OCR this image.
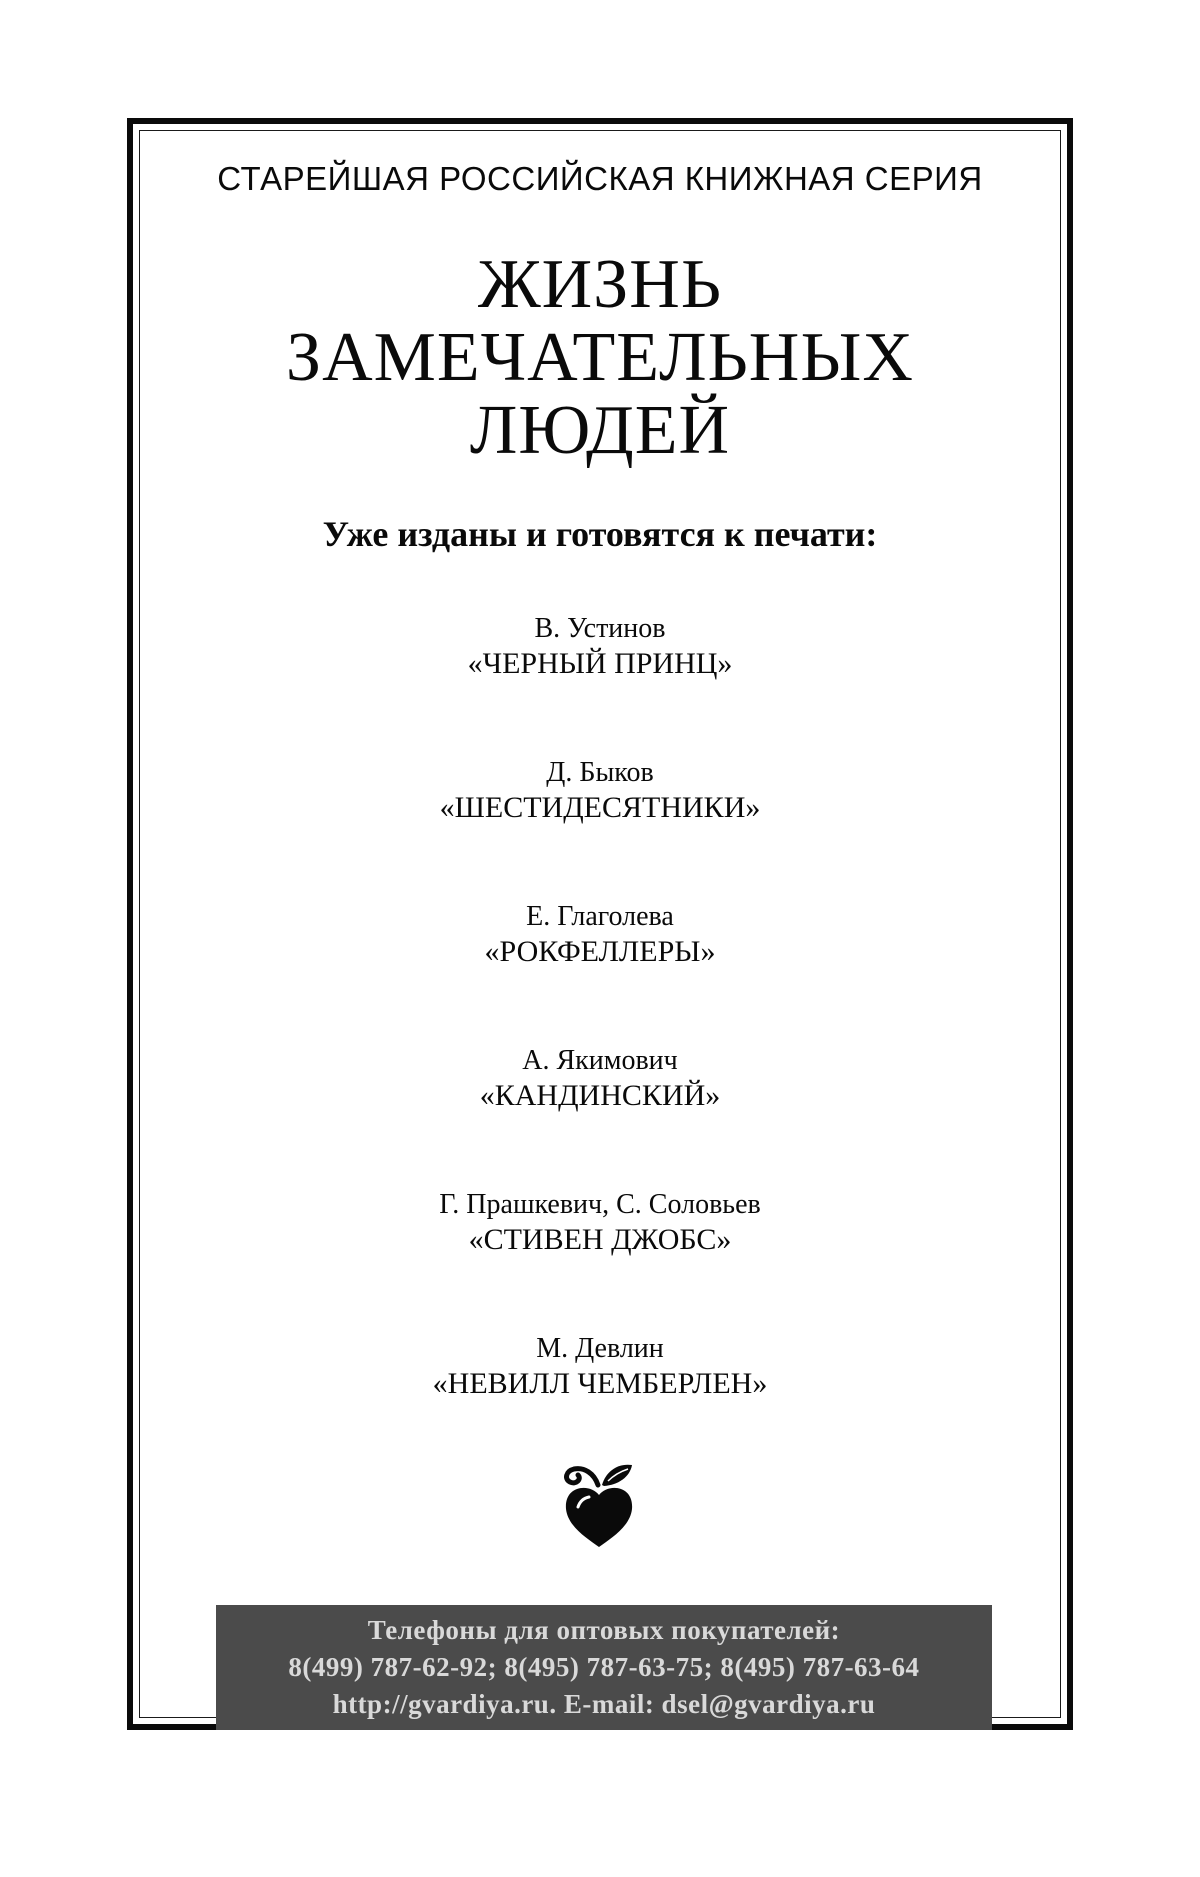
СТАРЕЙШАЯ РОССИЙСКАЯ КНИЖНАЯ СЕРИЯ
ЖИЗНЬ
ЗАМЕЧАТЕЛЬНЫХ
ЛЮДЕЙ
Уже изданы и готовятся к печати:
В. Устинов
«ЧЕРНЫЙ ПРИНЦ»
Д. Быков
«ШЕСТИДЕСЯТНИКИ»
Е. Глаголева
«РОКФЕЛЛЕРЫ»
А. Якимович
«КАНДИНСКИЙ»
Г. Прашкевич, С. Соловьев
«СТИВЕН ДЖОБС»
М. Девлин
«НЕВИЛЛ ЧЕМБЕРЛЕН»
Телефоны для оптовых покупателей:
8(499) 787-62-92; 8(495) 787-63-75; 8(495) 787-63-64
http://gvardiya.ru. E-mail: dsel@gvardiya.ru
